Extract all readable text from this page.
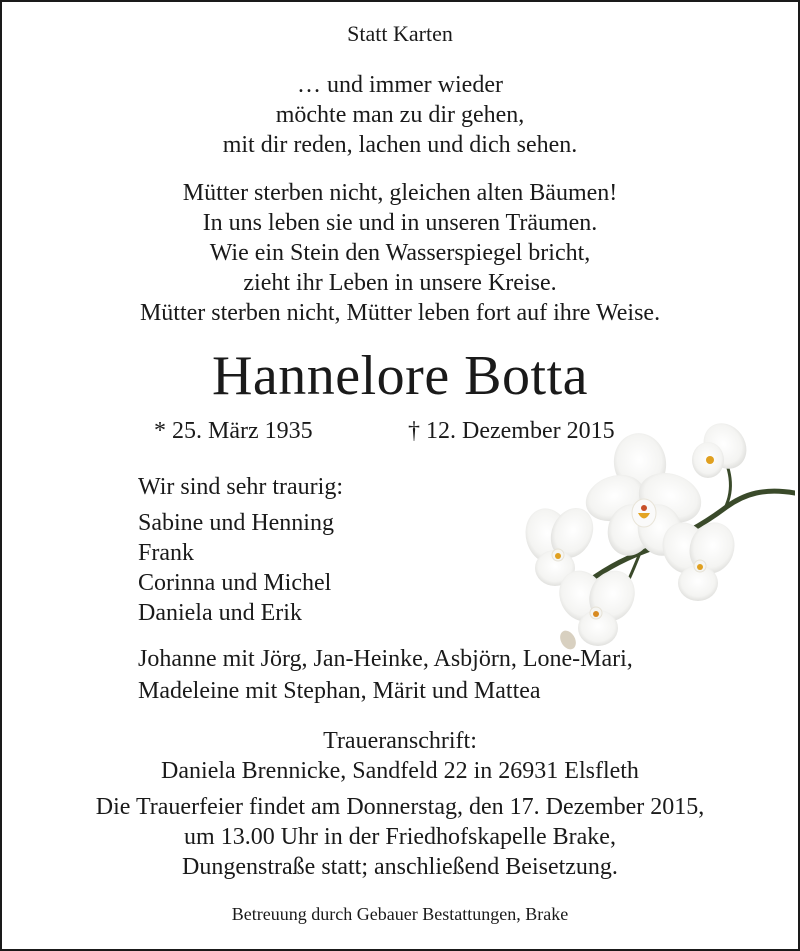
Statt Karten
… und immer wieder
möchte man zu dir gehen,
mit dir reden, lachen und dich sehen.
Mütter sterben nicht, gleichen alten Bäumen!
In uns leben sie und in unseren Träumen.
Wie ein Stein den Wasserspiegel bricht,
zieht ihr Leben in unsere Kreise.
Mütter sterben nicht, Mütter leben fort auf ihre Weise.
Hannelore Botta
* 25. März 1935	† 12. Dezember 2015
Wir sind sehr traurig:
Sabine und Henning
Frank
Corinna und Michel
Daniela und Erik
Johanne mit Jörg, Jan-Heinke, Asbjörn, Lone-Mari,
Madeleine mit Stephan, Märit und Mattea
Traueranschrift:
Daniela Brennicke, Sandfeld 22 in 26931 Elsfleth
Die Trauerfeier findet am Donnerstag, den 17. Dezember 2015,
um 13.00 Uhr in der Friedhofskapelle Brake,
Dungenstraße statt; anschließend Beisetzung.
Betreuung durch Gebauer Bestattungen, Brake
